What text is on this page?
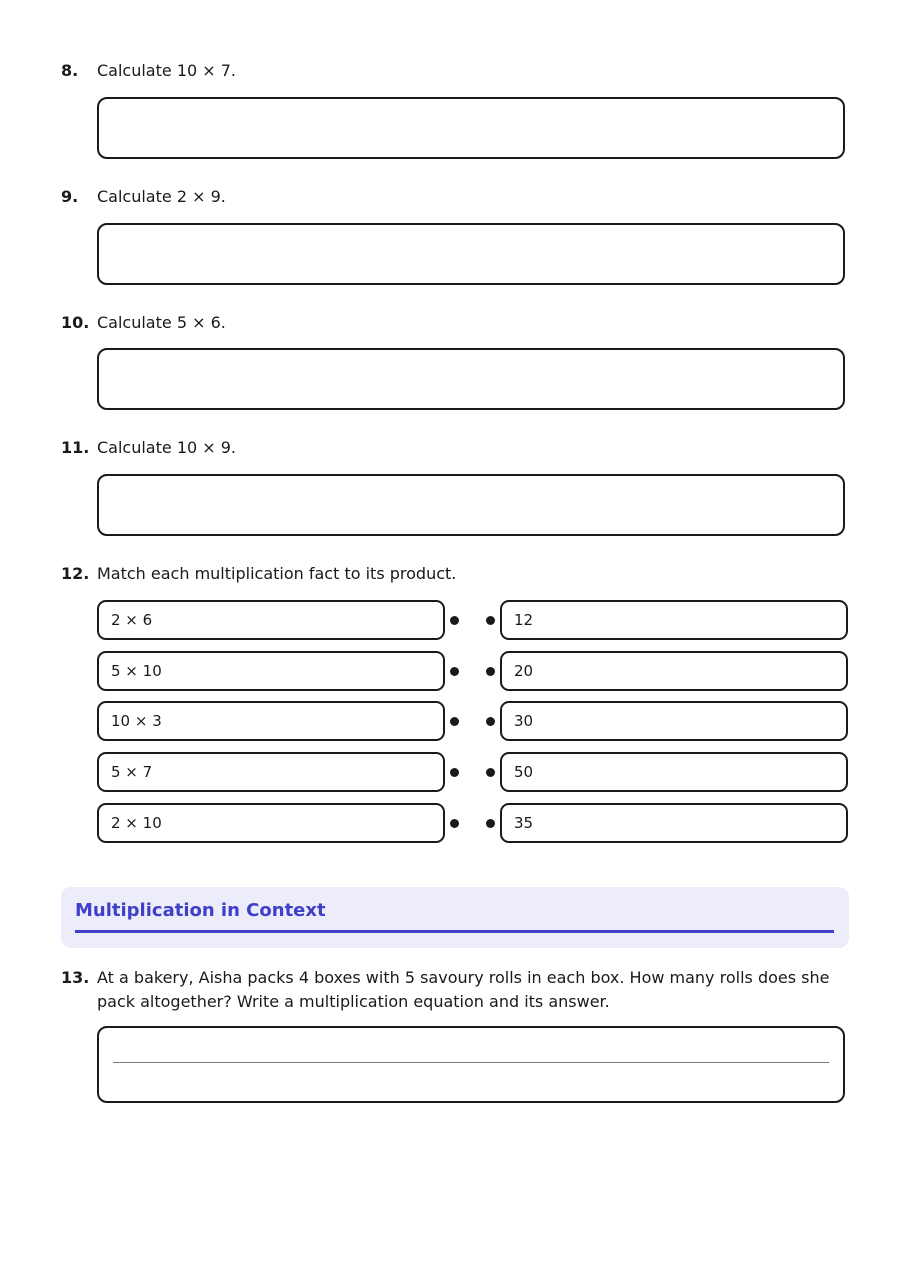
8.	Calculate 10 × 7.
9.	Calculate 2 × 9.
10. Calculate 5 × 6.
11. Calculate 10 × 9.
12. Match each multiplication fact to its product.
2 × 6	12
5 × 10	20
10 × 3	30
5 × 7	50
2 × 10	35
Multiplication in Context
13. At a bakery, Aisha packs 4 boxes with 5 savoury rolls in each box. How many rolls does she pack altogether? Write a multiplication equation and its answer.
